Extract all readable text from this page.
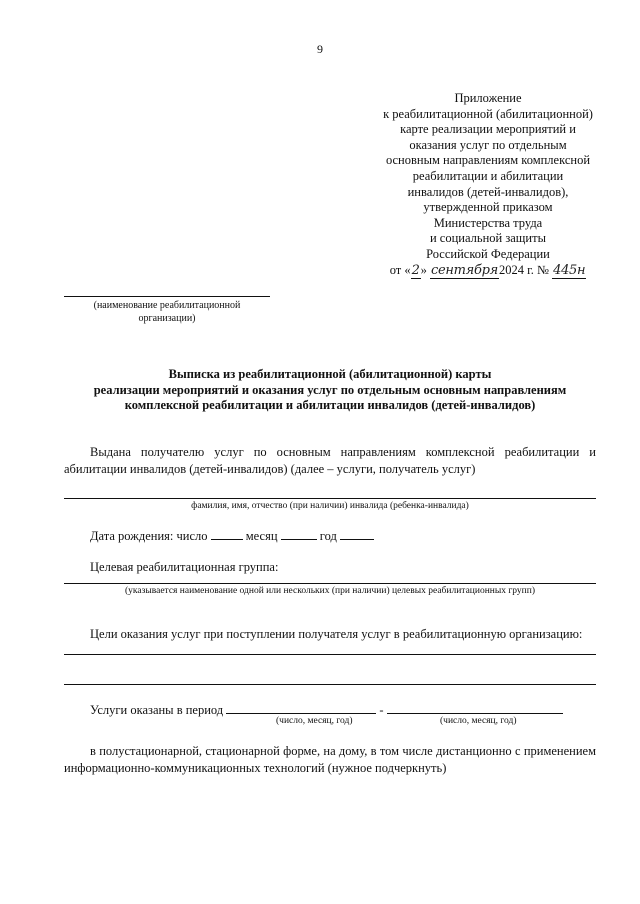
9
Приложение
к реабилитационной (абилитационной)
карте реализации мероприятий и
оказания услуг по отдельным
основным направлениям комплексной
реабилитации и абилитации
инвалидов (детей-инвалидов),
утвержденной приказом
Министерства труда
и социальной защиты
Российской Федерации
от «2» сентября2024 г. № 445н
(наименование реабилитационной организации)
Выписка из реабилитационной (абилитационной) карты
реализации мероприятий и оказания услуг по отдельным основным направлениям
комплексной реабилитации и абилитации инвалидов (детей-инвалидов)
Выдана получателю услуг по основным направлениям комплексной реабилитации и абилитации инвалидов (детей-инвалидов) (далее – услуги, получатель услуг)
фамилия, имя, отчество (при наличии) инвалида (ребенка-инвалида)
Дата рождения: число	месяц	год
Целевая реабилитационная группа:
(указывается наименование одной или нескольких (при наличии) целевых реабилитационных групп)
Цели оказания услуг при поступлении получателя услуг в реабилитационную организацию:
Услуги оказаны в период	-
(число, месяц, год)	(число, месяц, год)
в полустационарной, стационарной форме, на дому, в том числе дистанционно с применением информационно-коммуникационных технологий (нужное подчеркнуть)
